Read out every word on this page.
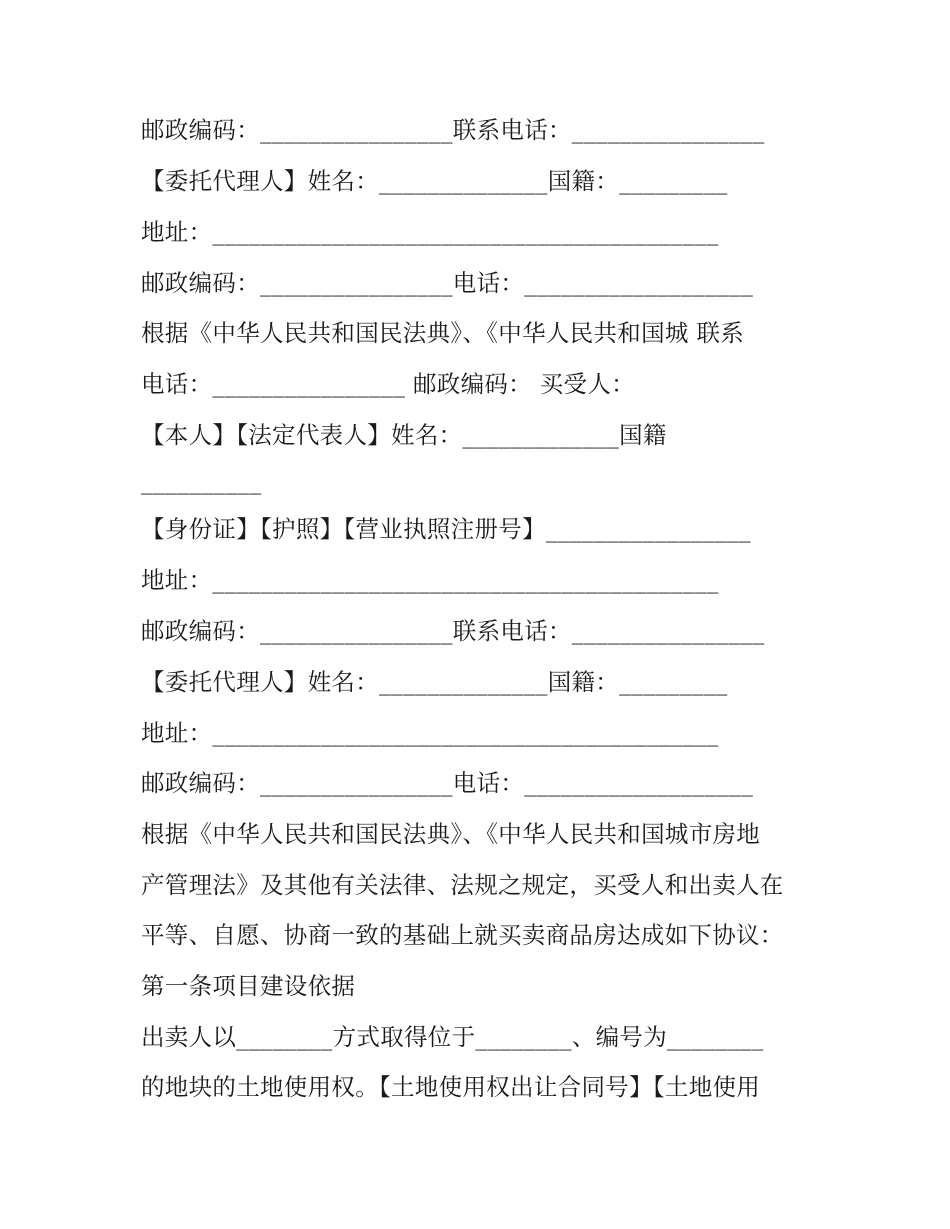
邮政编码：________________联系电话：________________
【委托代理人】姓名：______________国籍：_________
地址：__________________________________________
邮政编码：________________电话：___________________
根据《中华人民共和国民法典》、《中华人民共和国城 联系
电话：________________ 邮政编码： 买受人：
【本人】【法定代表人】姓名：_____________国籍
__________
【身份证】【护照】【营业执照注册号】_________________
地址：__________________________________________
邮政编码：________________联系电话：________________
【委托代理人】姓名：______________国籍：_________
地址：__________________________________________
邮政编码：________________电话：___________________
根据《中华人民共和国民法典》、《中华人民共和国城市房地
产管理法》及其他有关法律、法规之规定，买受人和出卖人在
平等、自愿、协商一致的基础上就买卖商品房达成如下协议：
第一条项目建设依据
出卖人以________方式取得位于________、编号为________
的地块的土地使用权。【土地使用权出让合同号】【土地使用
